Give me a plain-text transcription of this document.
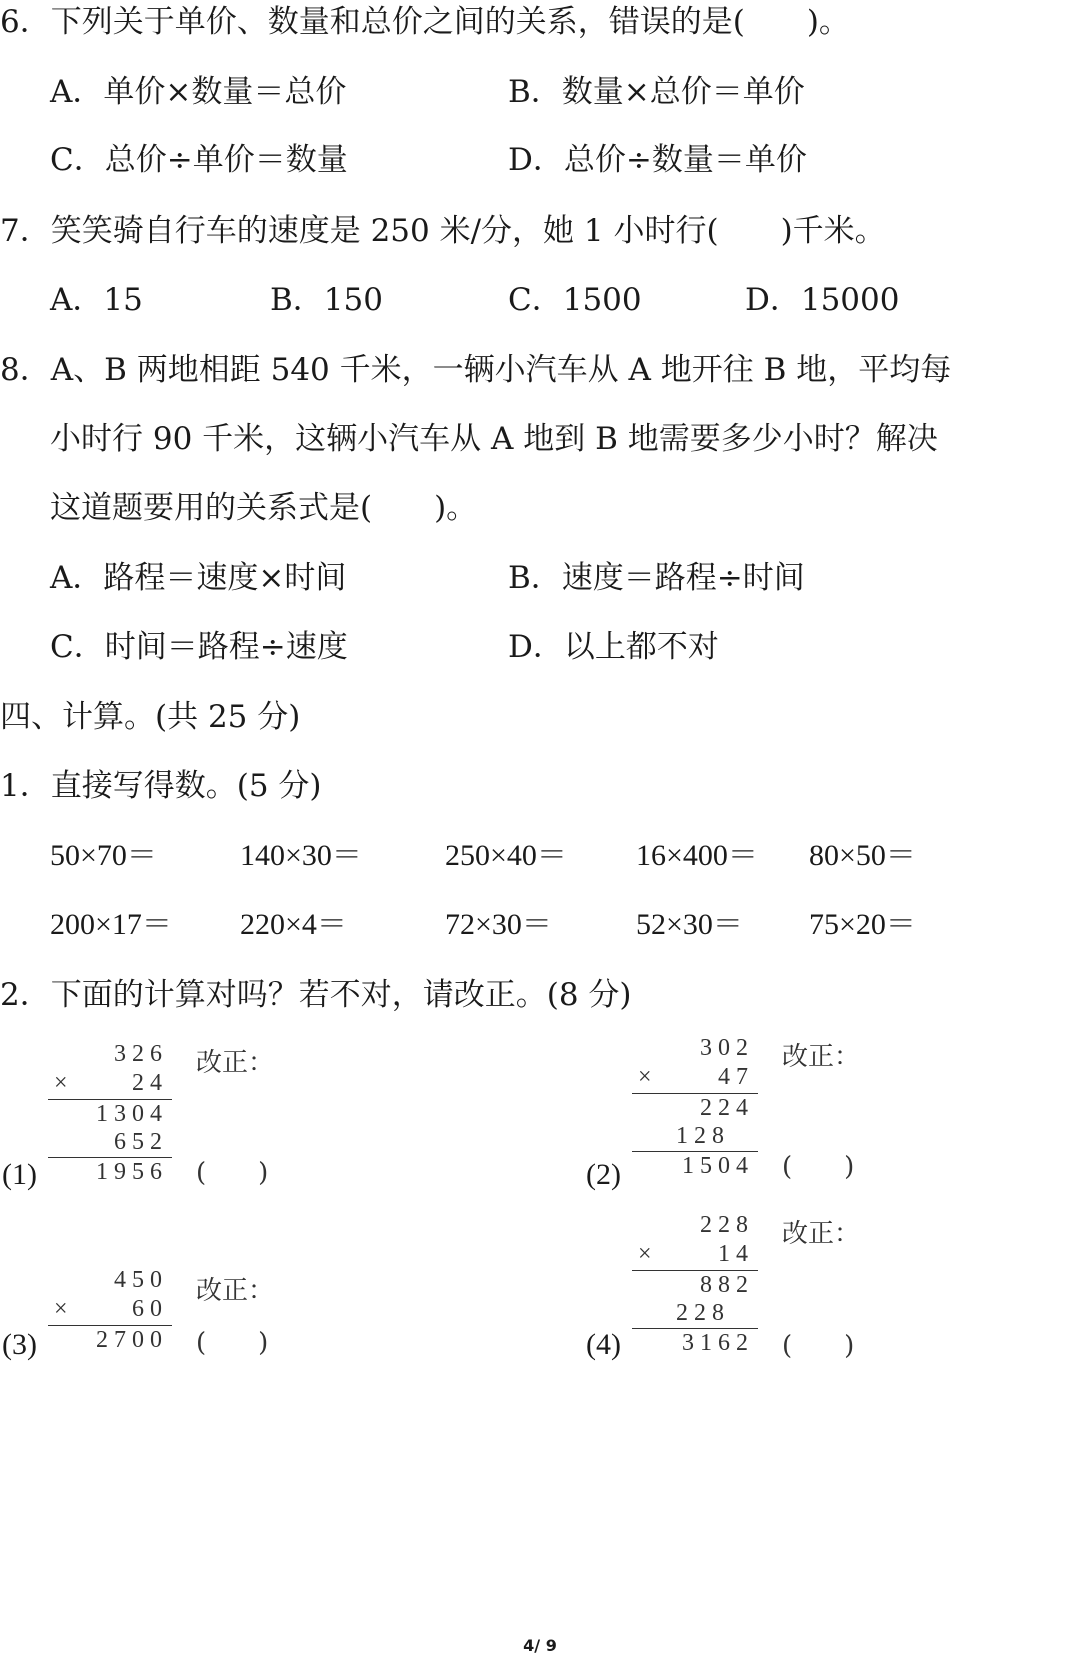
6．下列关于单价、数量和总价之间的关系，错误的是(　　)。
A．单价×数量＝总价	B．数量×总价＝单价
C．总价÷单价＝数量	D．总价÷数量＝单价
7．笑笑骑自行车的速度是 250 米/分，她 1 小时行(　　)千米。
A．15	B．150	C．1500	D．15000
8．A、B 两地相距 540 千米，一辆小汽车从 A 地开往 B 地，平均每
小时行 90 千米，这辆小汽车从 A 地到 B 地需要多少小时？解决
这道题要用的关系式是(　　)。
A．路程＝速度×时间	B．速度＝路程÷时间
C．时间＝路程÷速度	D．以上都不对
四、计算。(共 25 分)
1．直接写得数。(5 分)
50×70＝	140×30＝	250×40＝ 16×400＝ 80×50＝
200×17＝ 220×4＝	72×30＝	52×30＝ 75×20＝
2．下面的计算对吗？若不对，请改正。(8 分)
(1)
326
×	24
1304
652
1956
改正：
(　　)	(2)
302
×	47
224
128
1504
改正：
(　　)
(3)
450
×	60
2700
改正：
(　　)	(4)
228
×	14
882
228
3162
改正：
(　　)
4/ 9
